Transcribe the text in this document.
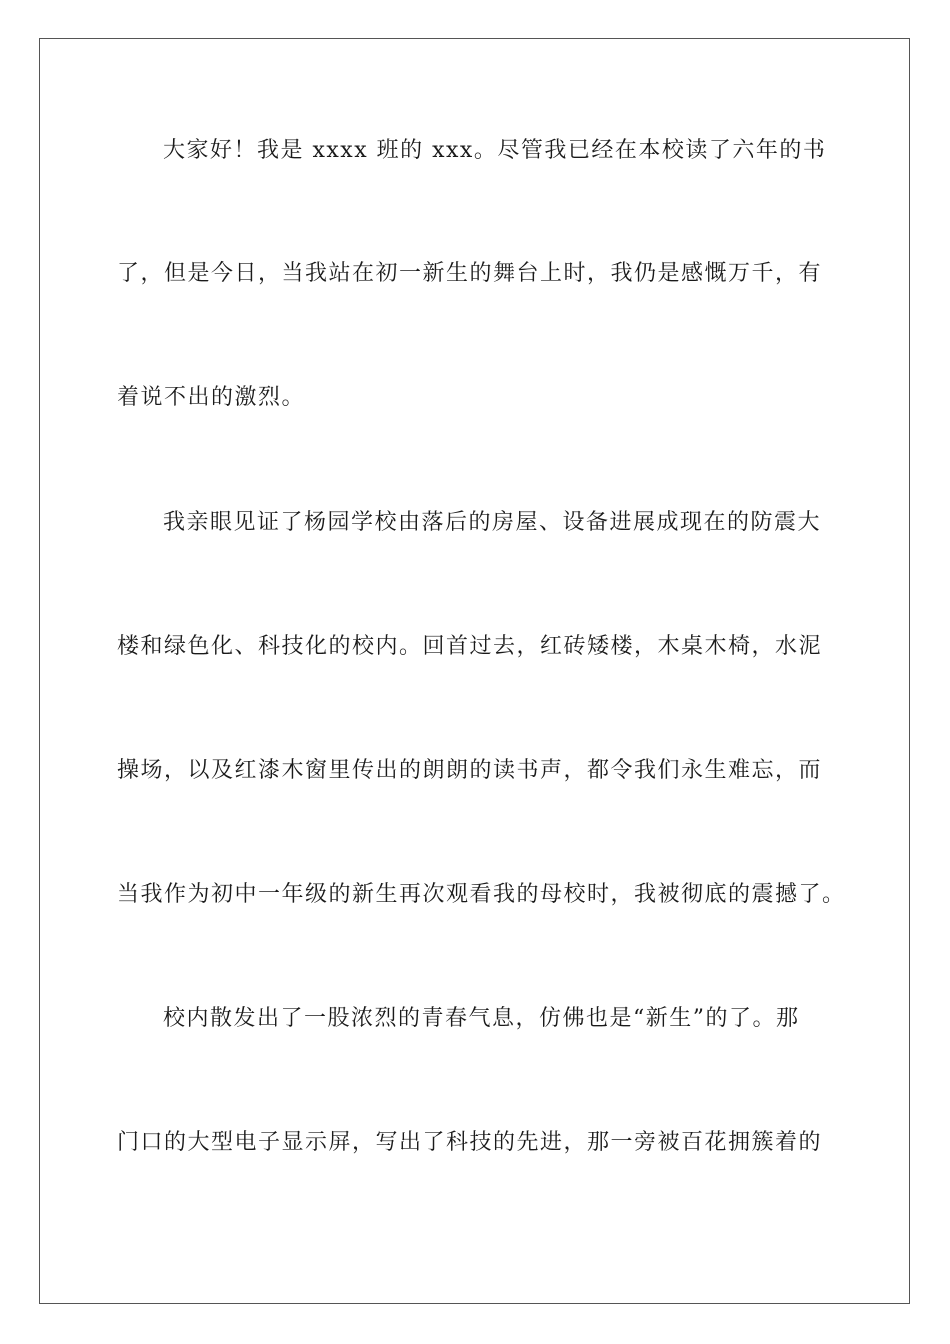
大家好！我是 xxxx 班的 xxx。尽管我已经在本校读了六年的书
了，但是今日，当我站在初一新生的舞台上时，我仍是感慨万千，有
着说不出的激烈。
我亲眼见证了杨园学校由落后的房屋、设备进展成现在的防震大
楼和绿色化、科技化的校内。回首过去，红砖矮楼，木桌木椅，水泥
操场，以及红漆木窗里传出的朗朗的读书声，都令我们永生难忘，而
当我作为初中一年级的新生再次观看我的母校时，我被彻底的震撼了。
校内散发出了一股浓烈的青春气息，仿佛也是“新生”的了。那
门口的大型电子显示屏，写出了科技的先进，那一旁被百花拥簇着的
